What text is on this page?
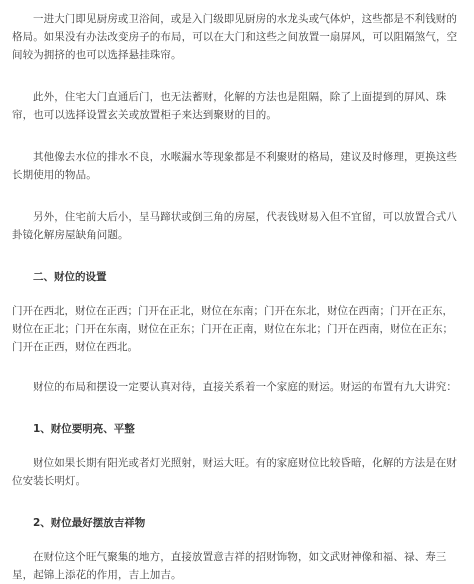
一进大门即见厨房或卫浴间，或是入门级即见厨房的水龙头或气体炉，这些都是不利钱财的格局。如果没有办法改变房子的布局，可以在大门和这些之间放置一扇屏风，可以阻隔煞气，空间较为拥挤的也可以选择悬挂珠帘。

此外，住宅大门直通后门，也无法蓄财，化解的方法也是阻隔，除了上面提到的屏风、珠帘，也可以选择设置玄关或放置柜子来达到聚财的目的。

其他像去水位的排水不良，水喉漏水等现象都是不利聚财的格局，建议及时修理，更换这些长期使用的物品。

另外，住宅前大后小，呈马蹄状或倒三角的房屋，代表钱财易入但不宜留，可以放置合式八卦镜化解房屋缺角问题。

二、财位的设置

门开在西北，财位在正西；门开在正北，财位在东南；门开在东北，财位在西南；门开在正东，财位在正北；门开在东南，财位在正东；门开在正南，财位在东北；门开在西南，财位在正东；门开在正西，财位在西北。

财位的布局和摆设一定要认真对待，直接关系着一个家庭的财运。财运的布置有九大讲究：

1、财位要明亮、平整

财位如果长期有阳光或者灯光照射，财运大旺。有的家庭财位比较昏暗，化解的方法是在财位安装长明灯。

2、财位最好摆放吉祥物

在财位这个旺气聚集的地方，直接放置意吉祥的招财饰物，如文武财神像和福、禄、寿三星，起锦上添花的作用，吉上加吉。
